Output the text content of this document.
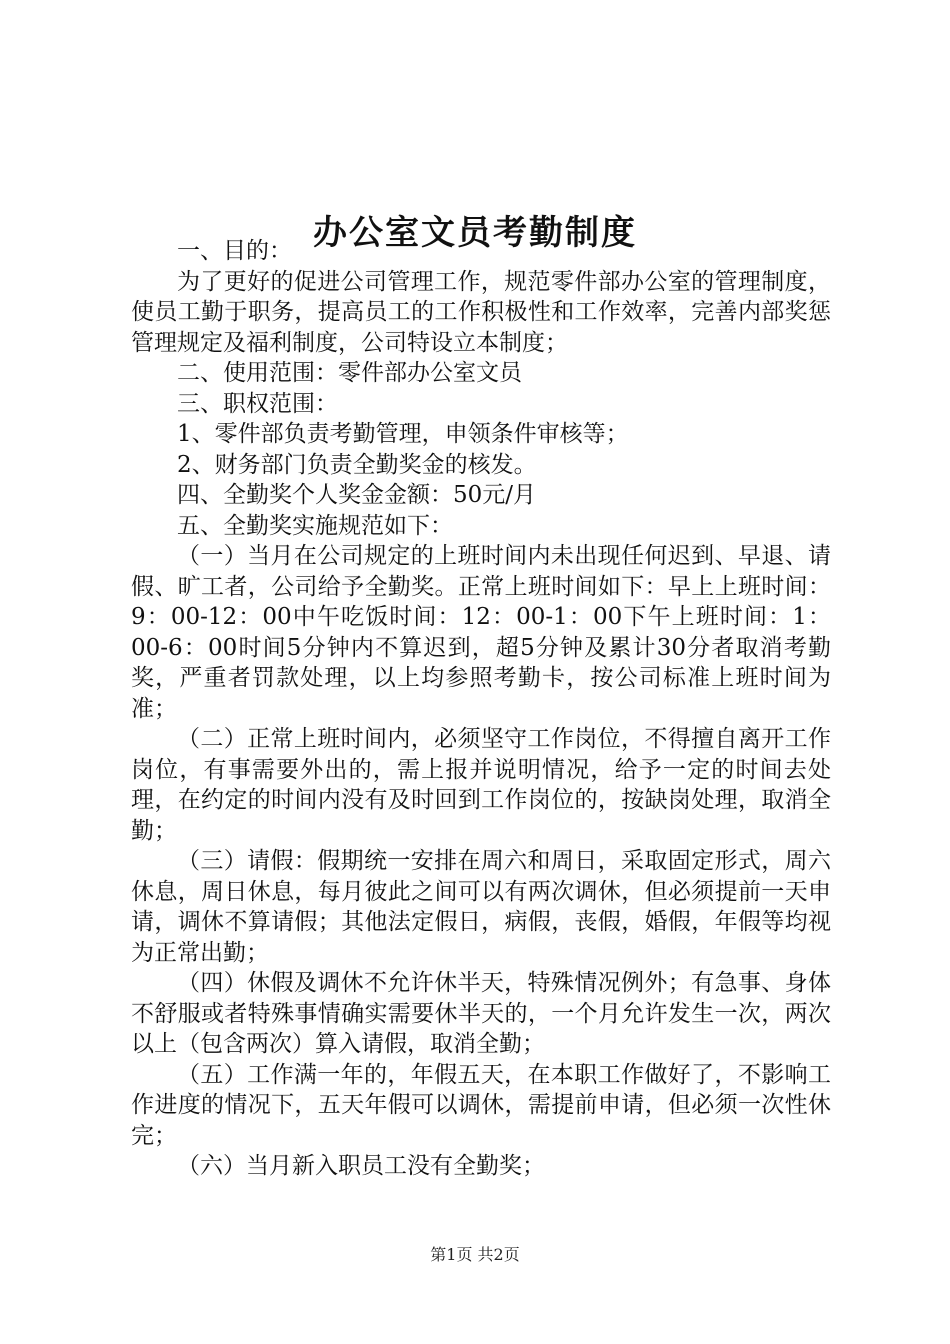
办公室文员考勤制度

一、目的：

为了更好的促进公司管理工作，规范零件部办公室的管理制度，使员工勤于职务，提高员工的工作积极性和工作效率，完善内部奖惩管理规定及福利制度，公司特设立本制度；

二、使用范围：零件部办公室文员

三、职权范围：

1、零件部负责考勤管理，申领条件审核等；

2、财务部门负责全勤奖金的核发。

四、全勤奖个人奖金金额：50元/月

五、全勤奖实施规范如下：

（一）当月在公司规定的上班时间内未出现任何迟到、早退、请假、旷工者，公司给予全勤奖。正常上班时间如下：早上上班时间：9：00-12：00中午吃饭时间：12：00-1：00下午上班时间：1：00-6：00时间5分钟内不算迟到，超5分钟及累计30分者取消考勤奖，严重者罚款处理，以上均参照考勤卡，按公司标准上班时间为准；

（二）正常上班时间内，必须坚守工作岗位，不得擅自离开工作岗位，有事需要外出的，需上报并说明情况，给予一定的时间去处理，在约定的时间内没有及时回到工作岗位的，按缺岗处理，取消全勤；

（三）请假：假期统一安排在周六和周日，采取固定形式，周六休息，周日休息，每月彼此之间可以有两次调休，但必须提前一天申请，调休不算请假；其他法定假日，病假，丧假，婚假，年假等均视为正常出勤；

（四）休假及调休不允许休半天，特殊情况例外；有急事、身体不舒服或者特殊事情确实需要休半天的，一个月允许发生一次，两次以上（包含两次）算入请假，取消全勤；

（五）工作满一年的，年假五天，在本职工作做好了，不影响工作进度的情况下，五天年假可以调休，需提前申请，但必须一次性休完；

（六）当月新入职员工没有全勤奖；

第1页 共2页
